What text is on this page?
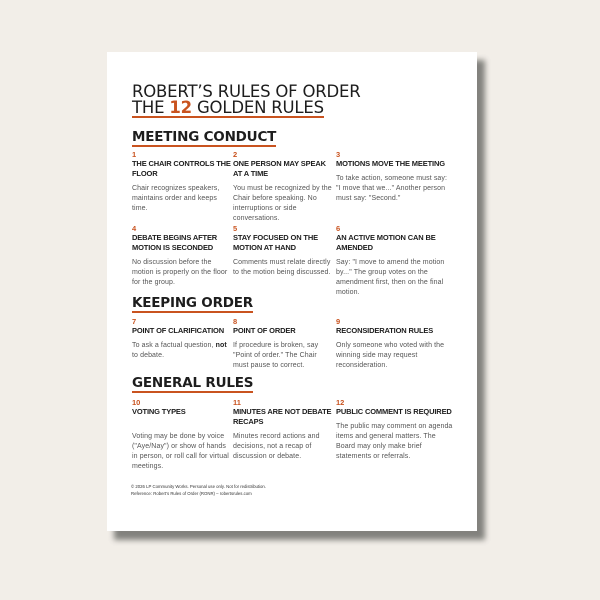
ROBERT’S RULES OF ORDER
THE 12 GOLDEN RULES
MEETING CONDUCT
1
THE CHAIR CONTROLS THE FLOOR
Chair recognizes speakers, maintains order and keeps time.
2
ONE PERSON MAY SPEAK AT A TIME
You must be recognized by the Chair before speaking. No interruptions or side conversations.
3
MOTIONS MOVE THE MEETING
To take action, someone must say: "I move that we..." Another person must say: "Second."
4
DEBATE BEGINS AFTER MOTION IS SECONDED
No discussion before the motion is properly on the floor for the group.
5
STAY FOCUSED ON THE MOTION AT HAND
Comments must relate directly to the motion being discussed.
6
AN ACTIVE MOTION CAN BE AMENDED
Say: "I move to amend the motion by..." The group votes on the amendment first, then on the final motion.
KEEPING ORDER
7
POINT OF CLARIFICATION
To ask a factual question, not to debate.
8
POINT OF ORDER
If procedure is broken, say "Point of order." The Chair must pause to correct.
9
RECONSIDERATION RULES
Only someone who voted with the winning side may request reconsideration.
GENERAL RULES
10
VOTING TYPES
Voting may be done by voice ("Aye/Nay") or show of hands in person, or roll call for virtual meetings.
11
MINUTES ARE NOT DEBATE RECAPS
Minutes record actions and decisions, not a recap of discussion or debate.
12
PUBLIC COMMENT IS REQUIRED
The public may comment on agenda items and general matters. The Board may only make brief statements or referrals.
© 2026 LP Community Works. Personal use only. Not for redistribution.
Reference: Robert’s Rules of Order (RONR) – robertsrules.com
